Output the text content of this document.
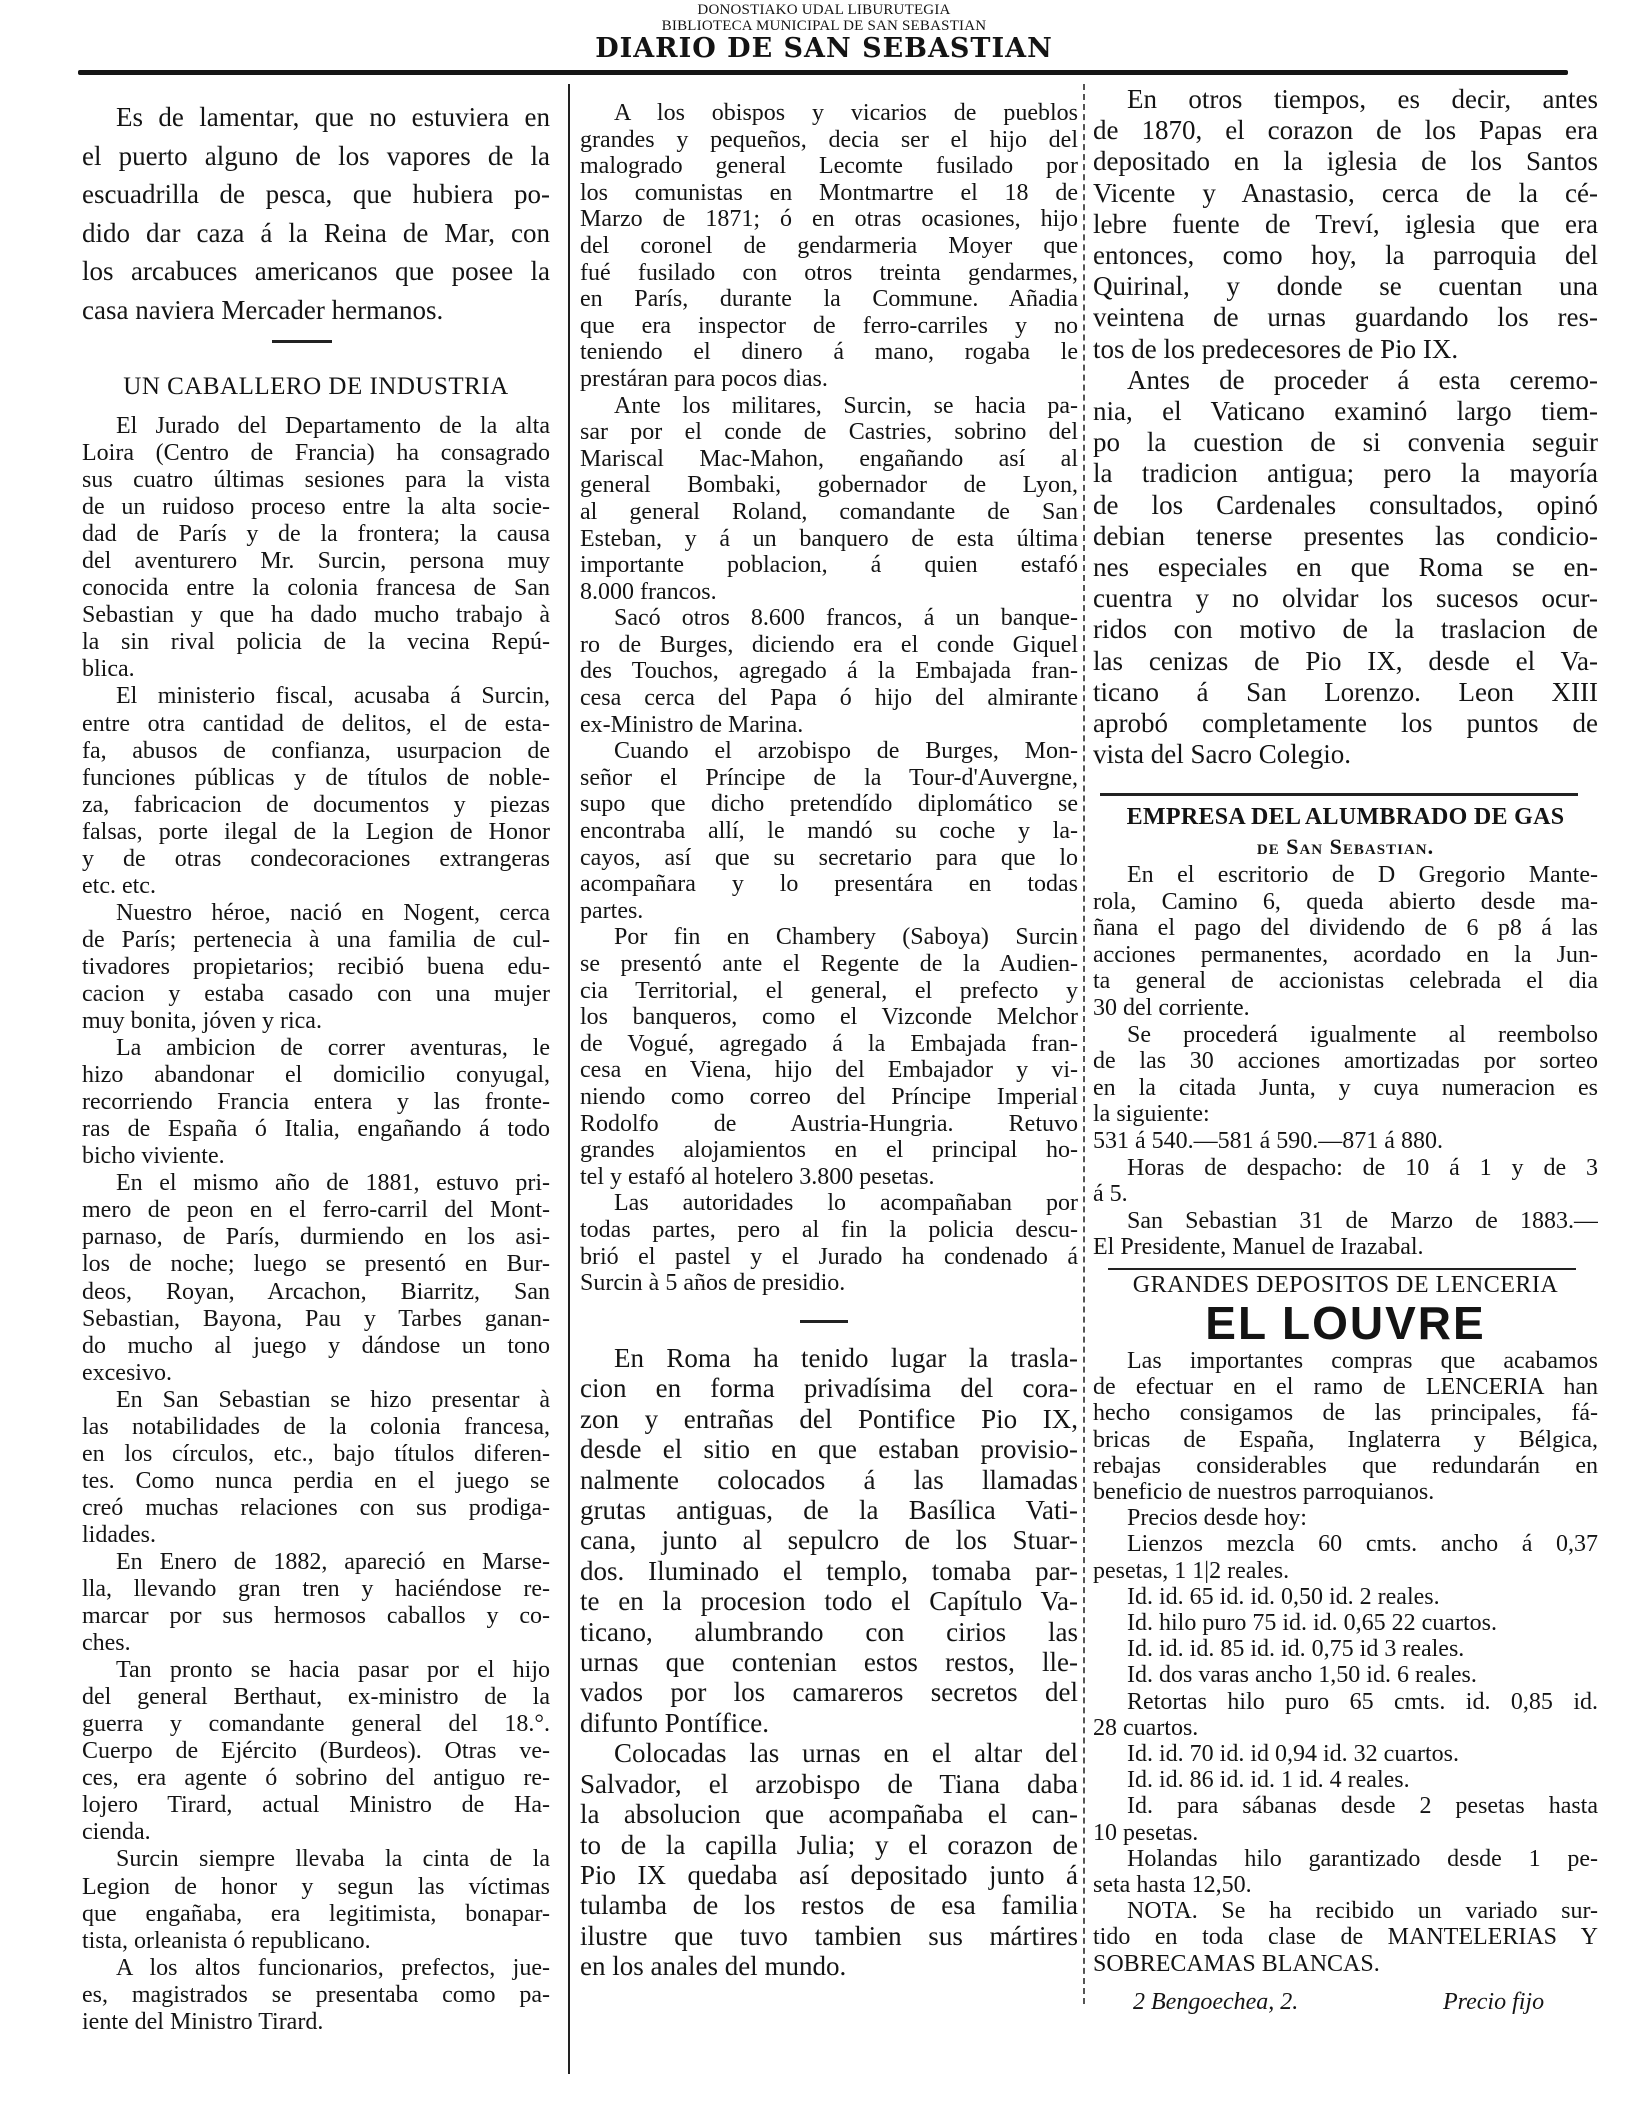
DONOSTIAKO UDAL LIBURUTEGIA
BIBLIOTECA MUNICIPAL DE SAN SEBASTIAN
DIARIO DE SAN SEBASTIAN
Es de lamentar, que no estuviera en
el puerto alguno de los vapores de la
escuadrilla de pesca, que hubiera po-
dido dar caza á la Reina de Mar, con
los arcabuces americanos que posee la
casa naviera Mercader hermanos.
UN CABALLERO DE INDUSTRIA
El Jurado del Departamento de la alta
Loira (Centro de Francia) ha consagrado
sus cuatro últimas sesiones para la vista
de un ruidoso proceso entre la alta socie-
dad de París y de la frontera; la causa
del aventurero Mr. Surcin, persona muy
conocida entre la colonia francesa de San
Sebastian y que ha dado mucho trabajo à
la sin rival policia de la vecina Repú-
blica.
El ministerio fiscal, acusaba á Surcin,
entre otra cantidad de delitos, el de esta-
fa, abusos de confianza, usurpacion de
funciones públicas y de títulos de noble-
za, fabricacion de documentos y piezas
falsas, porte ilegal de la Legion de Honor
y de otras condecoraciones extrangeras
etc. etc.
Nuestro héroe, nació en Nogent, cerca
de París; pertenecia à una familia de cul-
tivadores propietarios; recibió buena edu-
cacion y estaba casado con una mujer
muy bonita, jóven y rica.
La ambicion de correr aventuras, le
hizo abandonar el domicilio conyugal,
recorriendo Francia entera y las fronte-
ras de España ó Italia, engañando á todo
bicho viviente.
En el mismo año de 1881, estuvo pri-
mero de peon en el ferro-carril del Mont-
parnaso, de París, durmiendo en los asi-
los de noche; luego se presentó en Bur-
deos, Royan, Arcachon, Biarritz, San
Sebastian, Bayona, Pau y Tarbes ganan-
do mucho al juego y dándose un tono
excesivo.
En San Sebastian se hizo presentar à
las notabilidades de la colonia francesa,
en los círculos, etc., bajo títulos diferen-
tes. Como nunca perdia en el juego se
creó muchas relaciones con sus prodiga-
lidades.
En Enero de 1882, apareció en Marse-
lla, llevando gran tren y haciéndose re-
marcar por sus hermosos caballos y co-
ches.
Tan pronto se hacia pasar por el hijo
del general Berthaut, ex-ministro de la
guerra y comandante general del 18.°.
Cuerpo de Ejército (Burdeos). Otras ve-
ces, era agente ó sobrino del antiguo re-
lojero Tirard, actual Ministro de Ha-
cienda.
Surcin siempre llevaba la cinta de la
Legion de honor y segun las víctimas
que engañaba, era legitimista, bonapar-
tista, orleanista ó republicano.
A los altos funcionarios, prefectos, jue-
es, magistrados se presentaba como pa-
iente del Ministro Tirard.
A los obispos y vicarios de pueblos
grandes y pequeños, decia ser el hijo del
malogrado general Lecomte fusilado por
los comunistas en Montmartre el 18 de
Marzo de 1871; ó en otras ocasiones, hijo
del coronel de gendarmeria Moyer que
fué fusilado con otros treinta gendarmes,
en París, durante la Commune. Añadia
que era inspector de ferro-carriles y no
teniendo el dinero á mano, rogaba le
prestáran para pocos dias.
Ante los militares, Surcin, se hacia pa-
sar por el conde de Castries, sobrino del
Mariscal Mac-Mahon, engañando así al
general Bombaki, gobernador de Lyon,
al general Roland, comandante de San
Esteban, y á un banquero de esta última
importante poblacion, á quien estafó
8.000 francos.
Sacó otros 8.600 francos, á un banque-
ro de Burges, diciendo era el conde Giquel
des Touchos, agregado á la Embajada fran-
cesa cerca del Papa ó hijo del almirante
ex-Ministro de Marina.
Cuando el arzobispo de Burges, Mon-
señor el Príncipe de la Tour-d'Auvergne,
supo que dicho pretendído diplomático se
encontraba allí, le mandó su coche y la-
cayos, así que su secretario para que lo
acompañara y lo presentára en todas
partes.
Por fin en Chambery (Saboya) Surcin
se presentó ante el Regente de la Audien-
cia Territorial, el general, el prefecto y
los banqueros, como el Vizconde Melchor
de Vogué, agregado á la Embajada fran-
cesa en Viena, hijo del Embajador y vi-
niendo como correo del Príncipe Imperial
Rodolfo de Austria-Hungria. Retuvo
grandes alojamientos en el principal ho-
tel y estafó al hotelero 3.800 pesetas.
Las autoridades lo acompañaban por
todas partes, pero al fin la policia descu-
brió el pastel y el Jurado ha condenado á
Surcin à 5 años de presidio.
En Roma ha tenido lugar la trasla-
cion en forma privadísima del cora-
zon y entrañas del Pontifice Pio IX,
desde el sitio en que estaban provisio-
nalmente colocados á las llamadas
grutas antiguas, de la Basílica Vati-
cana, junto al sepulcro de los Stuar-
dos. Iluminado el templo, tomaba par-
te en la procesion todo el Capítulo Va-
ticano, alumbrando con cirios las
urnas que contenian estos restos, lle-
vados por los camareros secretos del
difunto Pontífice.
Colocadas las urnas en el altar del
Salvador, el arzobispo de Tiana daba
la absolucion que acompañaba el can-
to de la capilla Julia; y el corazon de
Pio IX quedaba así depositado junto á
tulamba de los restos de esa familia
ilustre que tuvo tambien sus mártires
en los anales del mundo.
En otros tiempos, es decir, antes
de 1870, el corazon de los Papas era
depositado en la iglesia de los Santos
Vicente y Anastasio, cerca de la cé-
lebre fuente de Treví, iglesia que era
entonces, como hoy, la parroquia del
Quirinal, y donde se cuentan una
veintena de urnas guardando los res-
tos de los predecesores de Pio IX.
Antes de proceder á esta ceremo-
nia, el Vaticano examinó largo tiem-
po la cuestion de si convenia seguir
la tradicion antigua; pero la mayoría
de los Cardenales consultados, opinó
debian tenerse presentes las condicio-
nes especiales en que Roma se en-
cuentra y no olvidar los sucesos ocur-
ridos con motivo de la traslacion de
las cenizas de Pio IX, desde el Va-
ticano á San Lorenzo. Leon XIII
aprobó completamente los puntos de
vista del Sacro Colegio.
EMPRESA DEL ALUMBRADO DE GAS
de San Sebastian.
En el escritorio de D Gregorio Mante-
rola, Camino 6, queda abierto desde ma-
ñana el pago del dividendo de 6 p8 á las
acciones permanentes, acordado en la Jun-
ta general de accionistas celebrada el dia
30 del corriente.
Se procederá igualmente al reembolso
de las 30 acciones amortizadas por sorteo
en la citada Junta, y cuya numeracion es
la siguiente:
531 á 540.—581 á 590.—871 á 880.
Horas de despacho: de 10 á 1 y de 3
á 5.
San Sebastian 31 de Marzo de 1883.—
El Presidente, Manuel de Irazabal.
GRANDES DEPOSITOS DE LENCERIA
EL LOUVRE
Las importantes compras que acabamos
de efectuar en el ramo de LENCERIA han
hecho consigamos de las principales, fá-
bricas de España, Inglaterra y Bélgica,
rebajas considerables que redundarán en
beneficio de nuestros parroquianos.
Precios desde hoy:
Lienzos mezcla 60 cmts. ancho á 0,37
pesetas, 1 1|2 reales.
Id. id. 65 id. id. 0,50 id. 2 reales.
Id. hilo puro 75 id. id. 0,65 22 cuartos.
Id. id. id. 85 id. id. 0,75 id 3 reales.
Id. dos varas ancho 1,50 id. 6 reales.
Retortas hilo puro 65 cmts. id. 0,85 id.
28 cuartos.
Id. id. 70 id. id 0,94 id. 32 cuartos.
Id. id. 86 id. id. 1 id. 4 reales.
Id. para sábanas desde 2 pesetas hasta
10 pesetas.
Holandas hilo garantizado desde 1 pe-
seta hasta 12,50.
NOTA. Se ha recibido un variado sur-
tido en toda clase de MANTELERIAS Y
SOBRECAMAS BLANCAS.
2 Bengoechea, 2.	Precio fijo
